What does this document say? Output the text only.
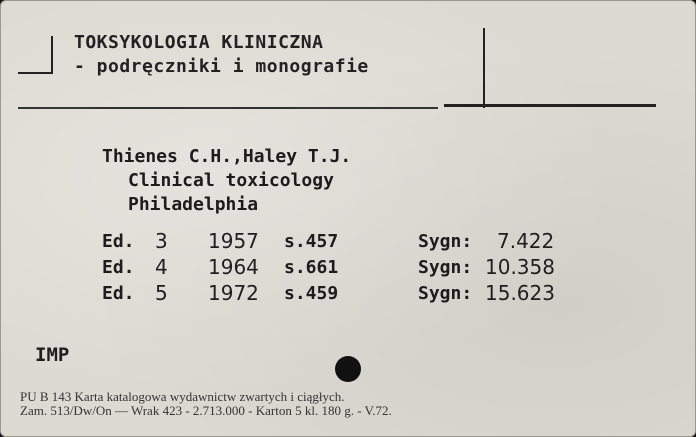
TOKSYKOLOGIA KLINICZNA
- podręczniki i monografie
Thienes C.H.,Haley T.J.
Clinical toxicology
Philadelphia
Ed. 3 1957 s.457	Sygn: 7.422
Ed. 4 1964 s.661	Sygn: 10.358
Ed. 5 1972 s.459	Sygn: 15.623
IMP
PU B 143 Karta katalogowa wydawnictw zwartych i ciągłych.
Zam. 513/Dw/On — Wrak 423 - 2.713.000 - Karton 5 kl. 180 g. - V.72.
